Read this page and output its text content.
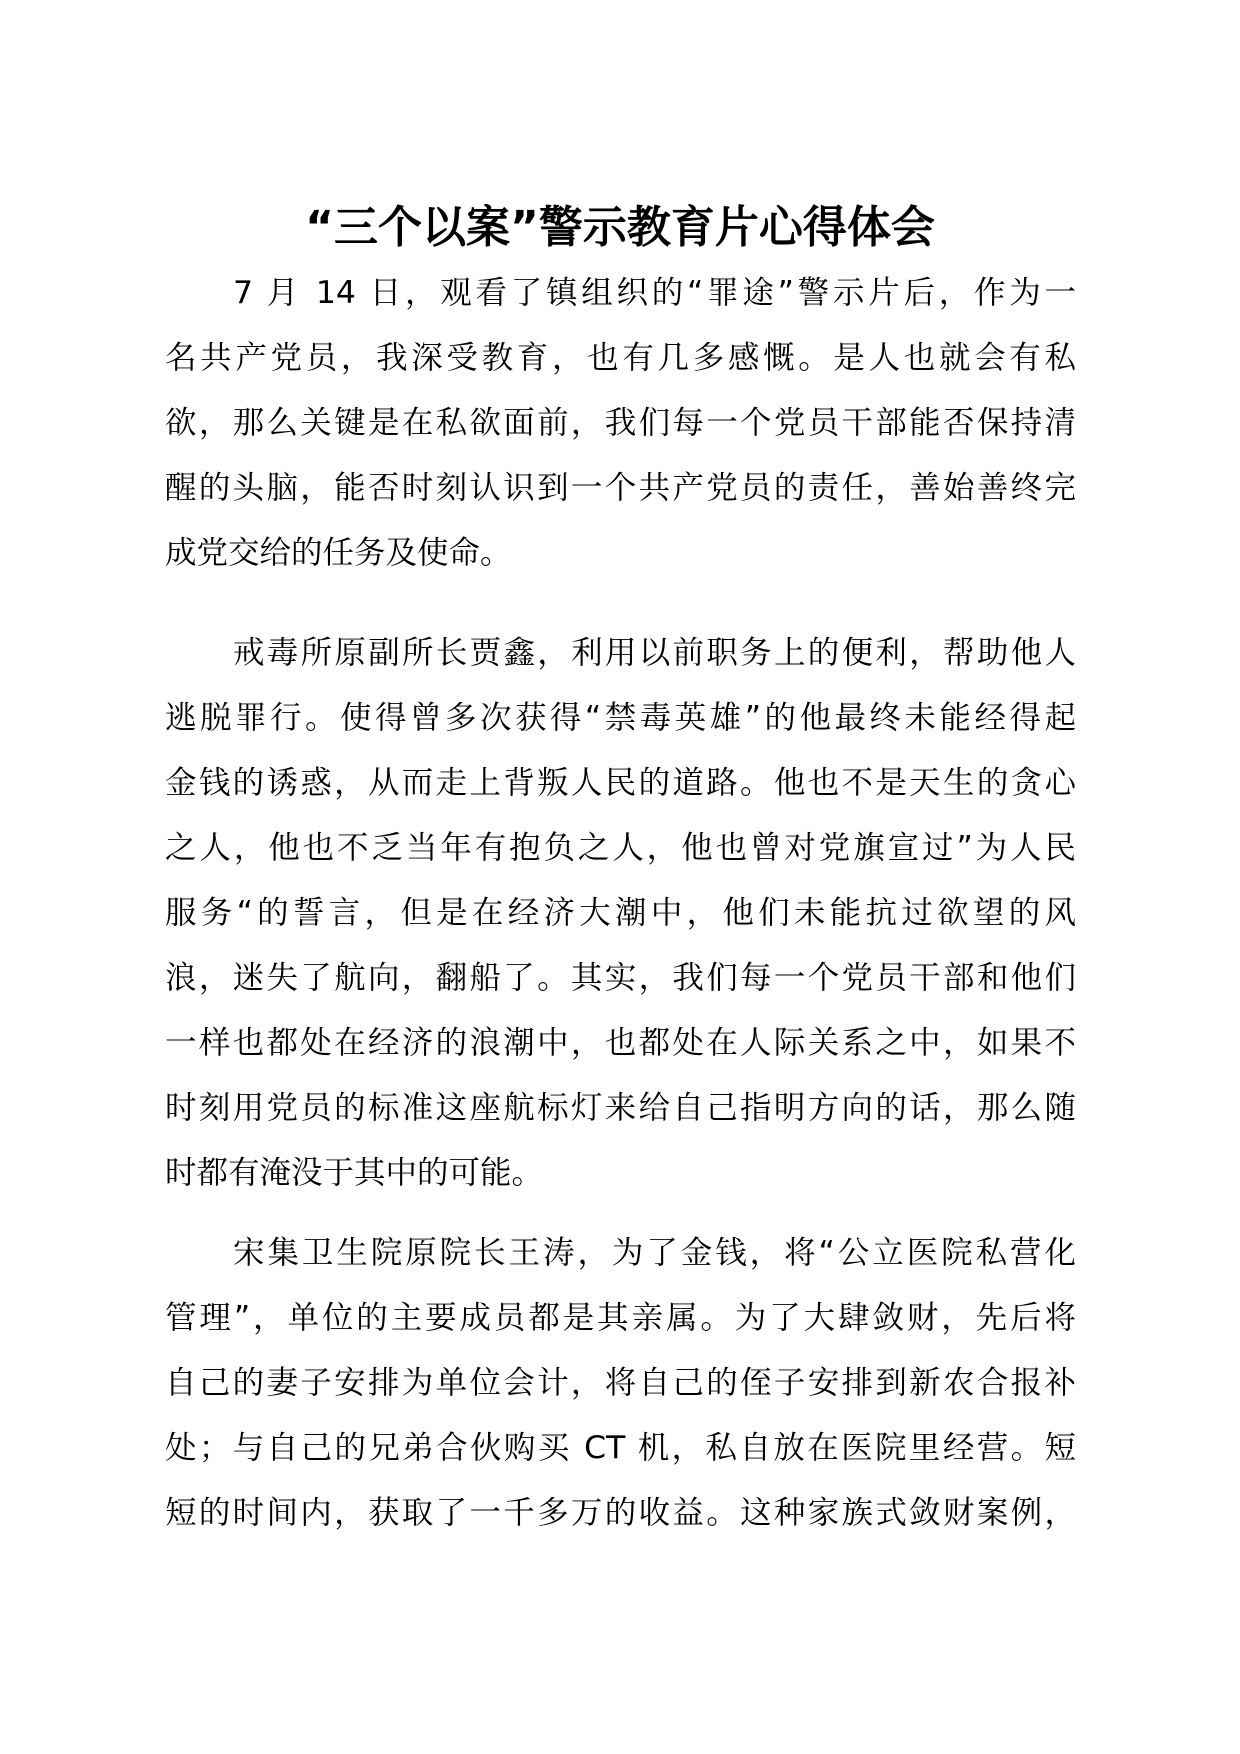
“三个以案”警示教育片心得体会
7 月 14 日，观看了镇组织的“罪途”警示片后，作为一
名共产党员，我深受教育，也有几多感慨。是人也就会有私
欲，那么关键是在私欲面前，我们每一个党员干部能否保持清
醒的头脑，能否时刻认识到一个共产党员的责任，善始善终完
成党交给的任务及使命。
戒毒所原副所长贾鑫，利用以前职务上的便利，帮助他人
逃脱罪行。使得曾多次获得“禁毒英雄”的他最终未能经得起
金钱的诱惑，从而走上背叛人民的道路。他也不是天生的贪心
之人，他也不乏当年有抱负之人，他也曾对党旗宣过”为人民
服务“的誓言，但是在经济大潮中，他们未能抗过欲望的风
浪，迷失了航向，翻船了。其实，我们每一个党员干部和他们
一样也都处在经济的浪潮中，也都处在人际关系之中，如果不
时刻用党员的标准这座航标灯来给自己指明方向的话，那么随
时都有淹没于其中的可能。
宋集卫生院原院长王涛，为了金钱，将“公立医院私营化
管理”，单位的主要成员都是其亲属。为了大肆敛财，先后将
自己的妻子安排为单位会计，将自己的侄子安排到新农合报补
处；与自己的兄弟合伙购买 CT 机，私自放在医院里经营。短
短的时间内，获取了一千多万的收益。这种家族式敛财案例，
